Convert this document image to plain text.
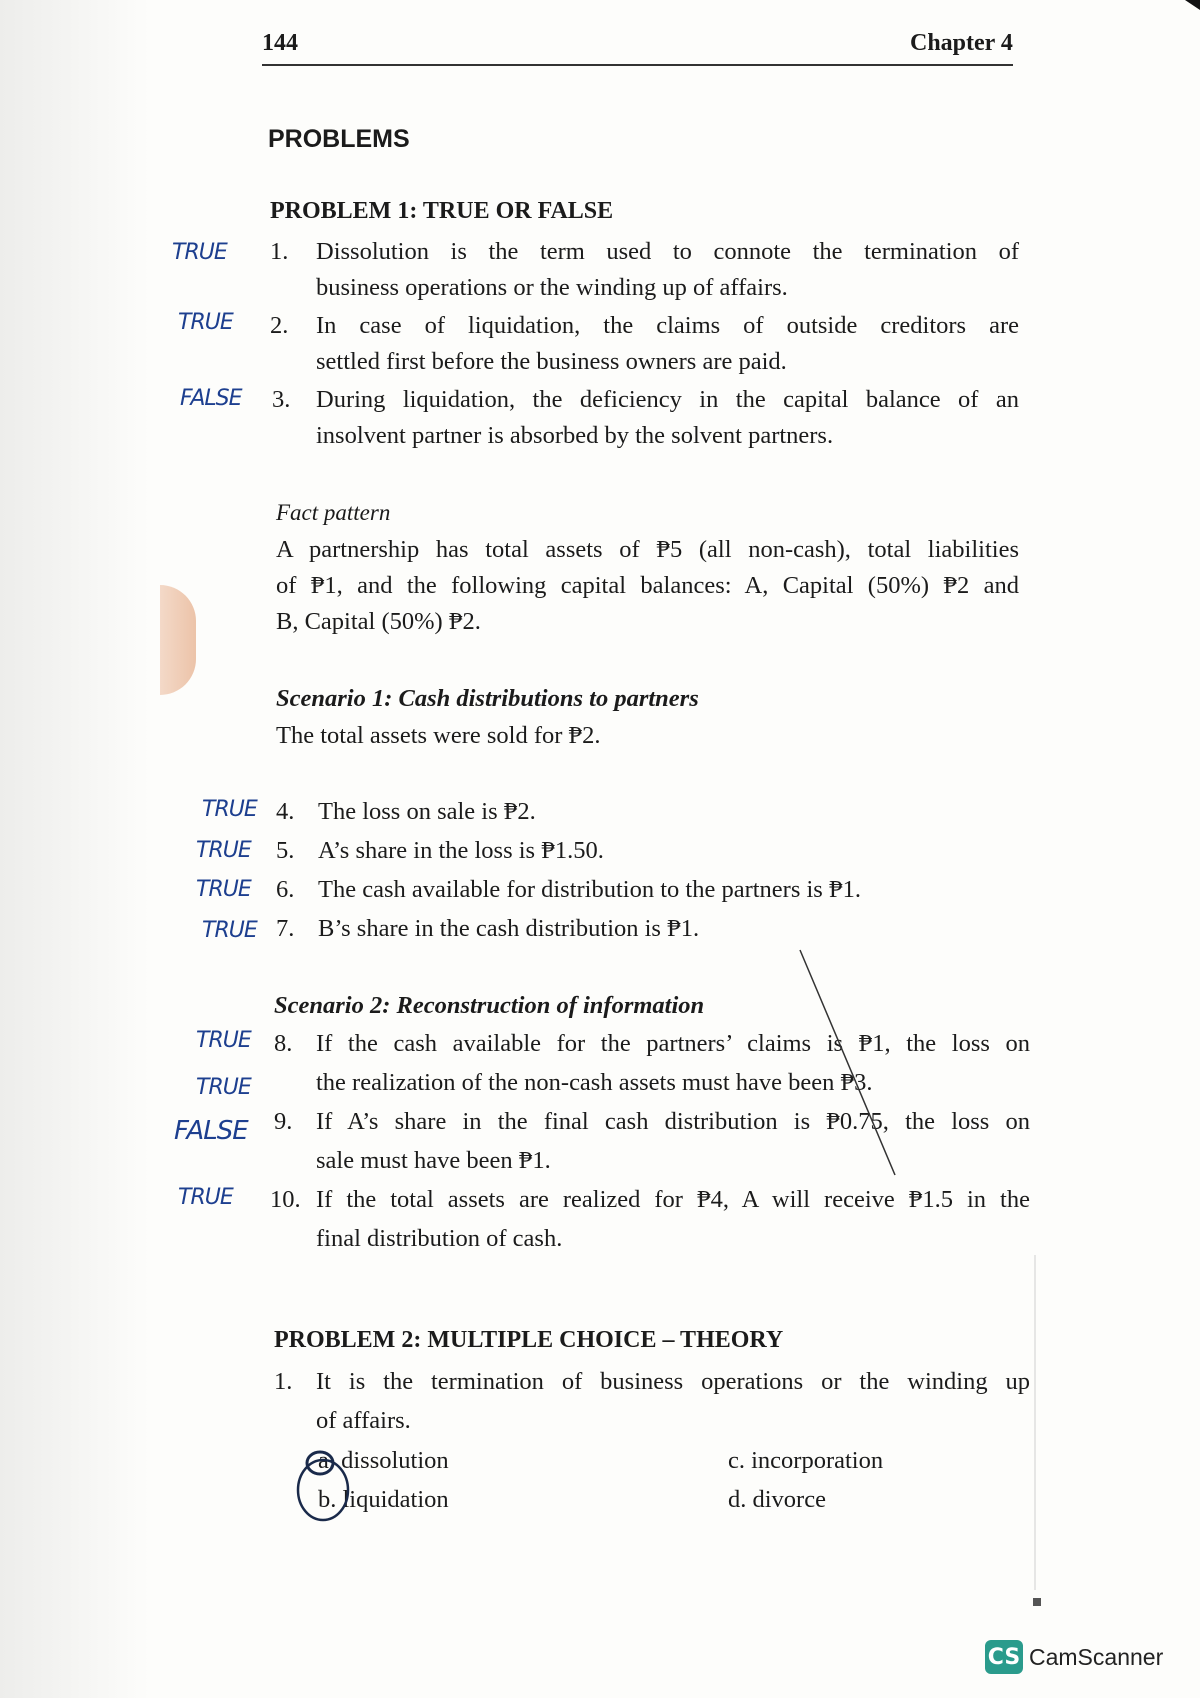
144	Chapter 4
PROBLEMS
PROBLEM 1: TRUE OR FALSE
1. Dissolution is the term used to connote the termination of
business operations or the winding up of affairs.
2. In case of liquidation, the claims of outside creditors are
settled first before the business owners are paid.
3. During liquidation, the deficiency in the capital balance of an
insolvent partner is absorbed by the solvent partners.
Fact pattern
A partnership has total assets of ₱5 (all non-cash), total liabilities
of ₱1, and the following capital balances: A, Capital (50%) ₱2 and
B, Capital (50%) ₱2.
Scenario 1: Cash distributions to partners
The total assets were sold for ₱2.
4. The loss on sale is ₱2.
5. A’s share in the loss is ₱1.50.
6. The cash available for distribution to the partners is ₱1.
7. B’s share in the cash distribution is ₱1.
Scenario 2: Reconstruction of information
8. If the cash available for the partners’ claims is ₱1, the loss on
the realization of the non-cash assets must have been ₱3.
9. If A’s share in the final cash distribution is ₱0.75, the loss on
sale must have been ₱1.
10. If the total assets are realized for ₱4, A will receive ₱1.5 in the
final distribution of cash.
PROBLEM 2: MULTIPLE CHOICE – THEORY
1. It is the termination of business operations or the winding up
of affairs.
a. dissolution
b. liquidation
c. incorporation
d. divorce
TRUE
TRUE
FALSE
TRUE
TRUE
TRUE
TRUE
TRUE
TRUE
FALSE
TRUE
CS CamScanner
